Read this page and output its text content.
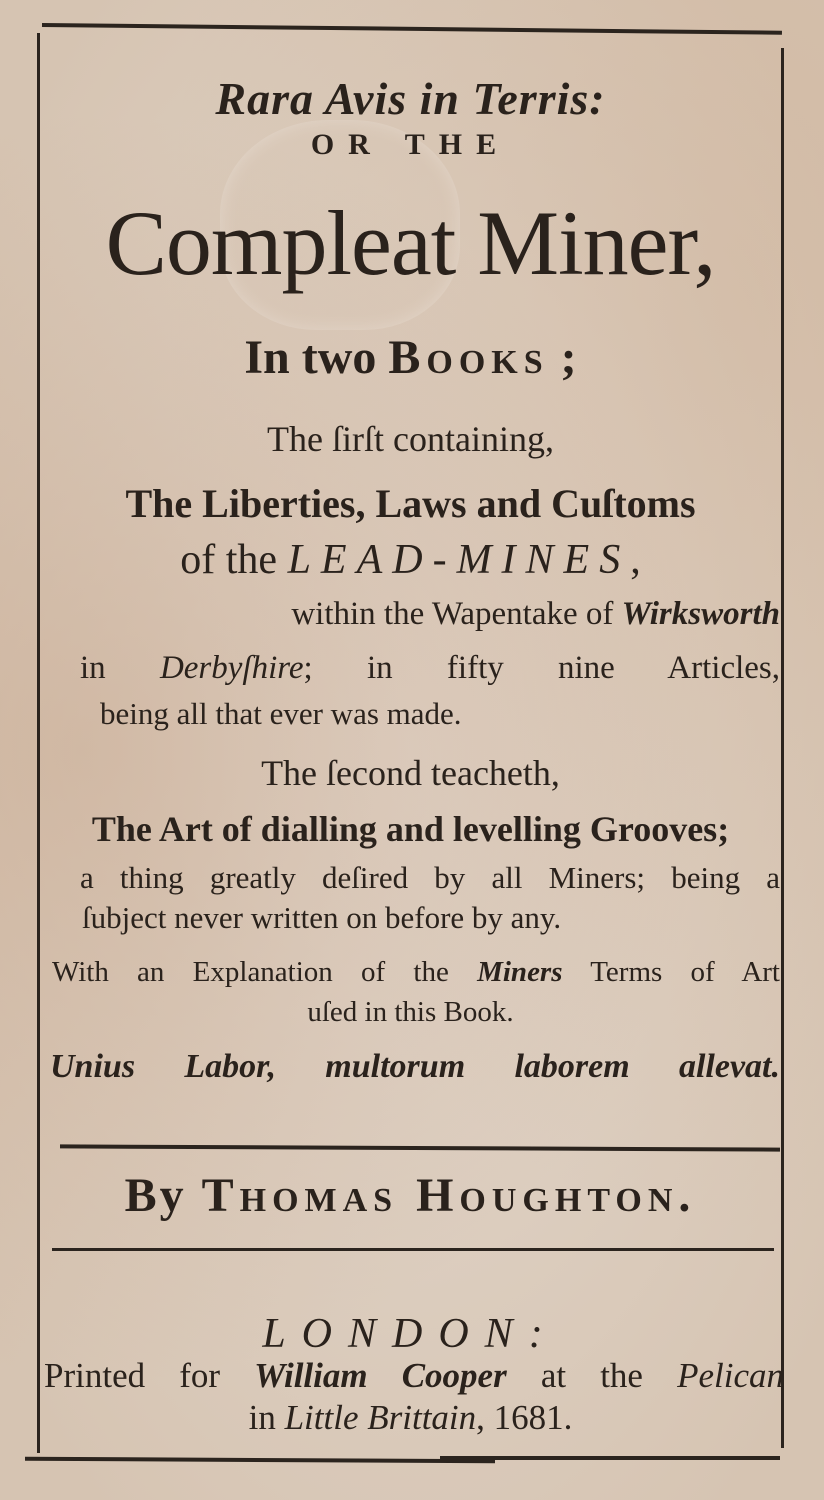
Rara Avis in Terris:
OR THE
Compleat Miner,
In two Books ;
The ſirſt containing,
The Liberties, Laws and Cuſtoms
of the LEAD-MINES,
within the Wapentake of Wirksworth
in Derbyſhire; in fifty nine Articles,
being all that ever was made.
The ſecond teacheth,
The Art of dialling and levelling Grooves;
a thing greatly deſired by all Miners; being a
ſubject never written on before by any.
With an Explanation of the Miners Terms of Art
uſed in this Book.
Unius Labor, multorum laborem allevat.
By Thomas Houghton.
LONDON:
Printed for William Cooper at the Pelican
in Little Brittain, 1681.
